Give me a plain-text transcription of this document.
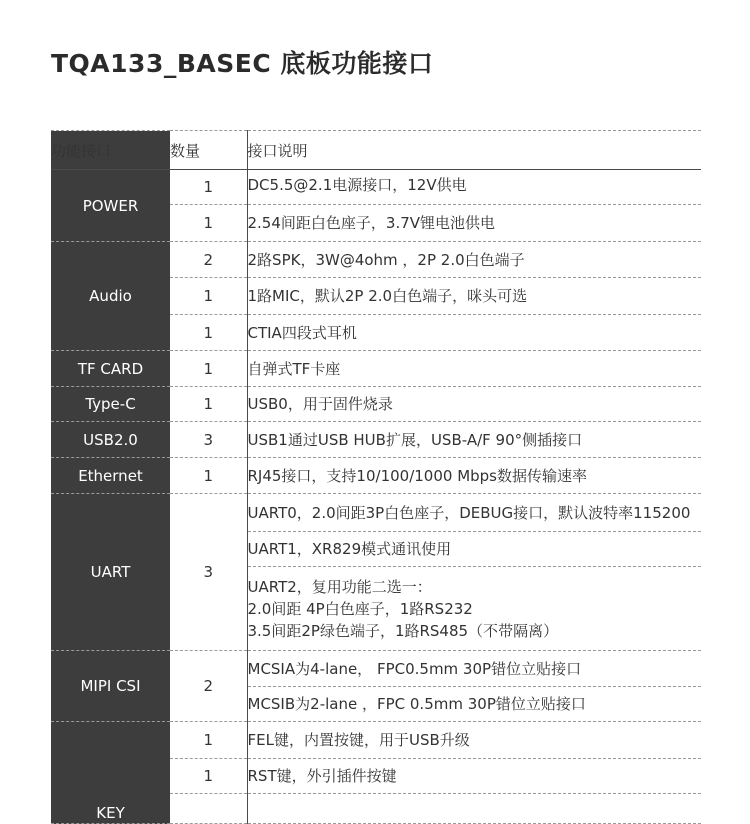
TQA133_BASEC 底板功能接口
功能接口	数量	接口说明
POWER	1	DC5.5@2.1电源接口，12V供电

	1	2.54间距白色座子，3.7V锂电池供电

Audio	2	2路SPK，3W@4ohm ，2P 2.0白色端子

	1	1路MIC，默认2P 2.0白色端子，咪头可选

	1	CTIA四段式耳机

TF CARD	1	自弹式TF卡座

Type-C	1	USB0，用于固件烧录

USB2.0	3	USB1通过USB HUB扩展，USB-A/F 90°侧插接口

Ethernet	1	RJ45接口，支持10/100/1000 Mbps数据传输速率

UART	3	UART0，2.0间距3P白色座子，DEBUG接口，默认波特率115200

		UART1，XR829模式通讯使用

		UART2，复用功能二选一：
2.0间距 4P白色座子，1路RS232
3.5间距2P绿色端子，1路RS485（不带隔离）

MIPI CSI	2	MCSIA为4-lane， FPC0.5mm 30P错位立贴接口

		MCSIB为2-lane ，FPC 0.5mm 30P错位立贴接口

KEY	1	FEL键，内置按键，用于USB升级

	1	RST键，外引插件按键
